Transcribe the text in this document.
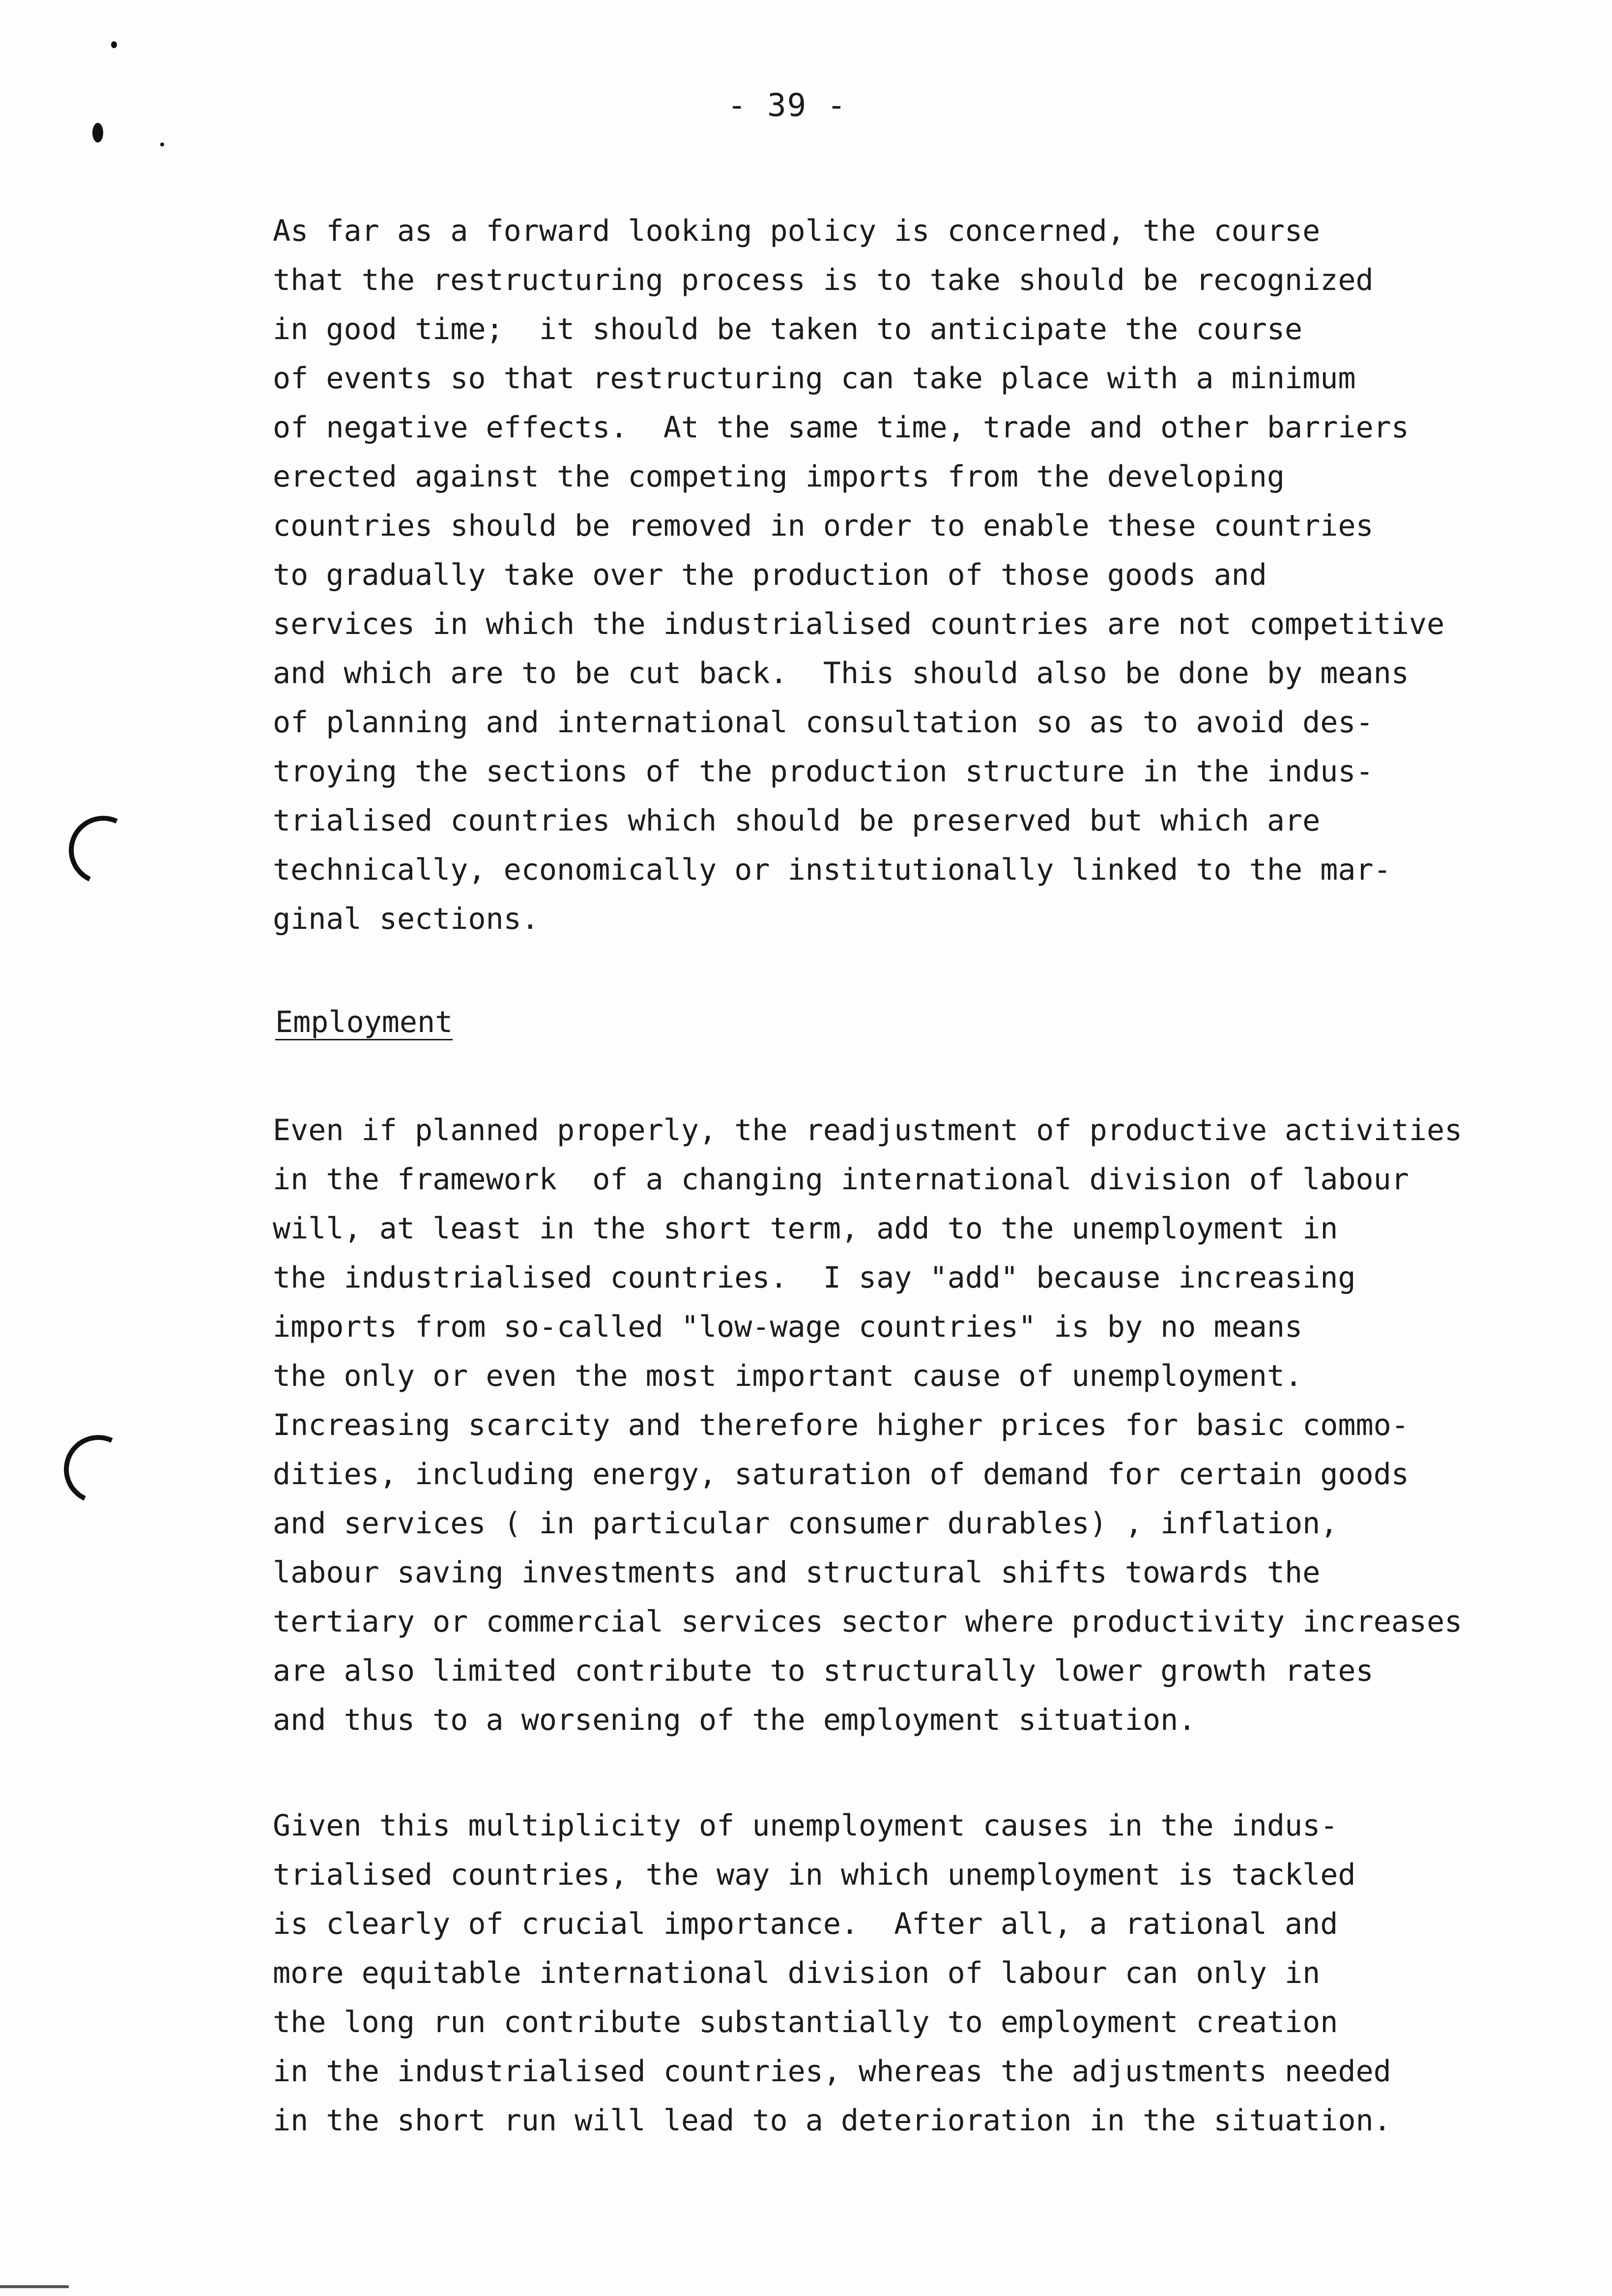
- 39 -
As far as a forward looking policy is concerned, the course
that the restructuring process is to take should be recognized
in good time;  it should be taken to anticipate the course
of events so that restructuring can take place with a minimum
of negative effects.  At the same time, trade and other barriers
erected against the competing imports from the developing
countries should be removed in order to enable these countries
to gradually take over the production of those goods and
services in which the industrialised countries are not competitive
and which are to be cut back.  This should also be done by means
of planning and international consultation so as to avoid des-
troying the sections of the production structure in the indus-
trialised countries which should be preserved but which are
technically, economically or institutionally linked to the mar-
ginal sections.
Employment
Even if planned properly, the readjustment of productive activities
in the framework  of a changing international division of labour
will, at least in the short term, add to the unemployment in
the industrialised countries.  I say "add" because increasing
imports from so-called "low-wage countries" is by no means
the only or even the most important cause of unemployment.
Increasing scarcity and therefore higher prices for basic commo-
dities, including energy, saturation of demand for certain goods
and services ( in particular consumer durables) , inflation,
labour saving investments and structural shifts towards the
tertiary or commercial services sector where productivity increases
are also limited contribute to structurally lower growth rates
and thus to a worsening of the employment situation.
Given this multiplicity of unemployment causes in the indus-
trialised countries, the way in which unemployment is tackled
is clearly of crucial importance.  After all, a rational and
more equitable international division of labour can only in
the long run contribute substantially to employment creation
in the industrialised countries, whereas the adjustments needed
in the short run will lead to a deterioration in the situation.
